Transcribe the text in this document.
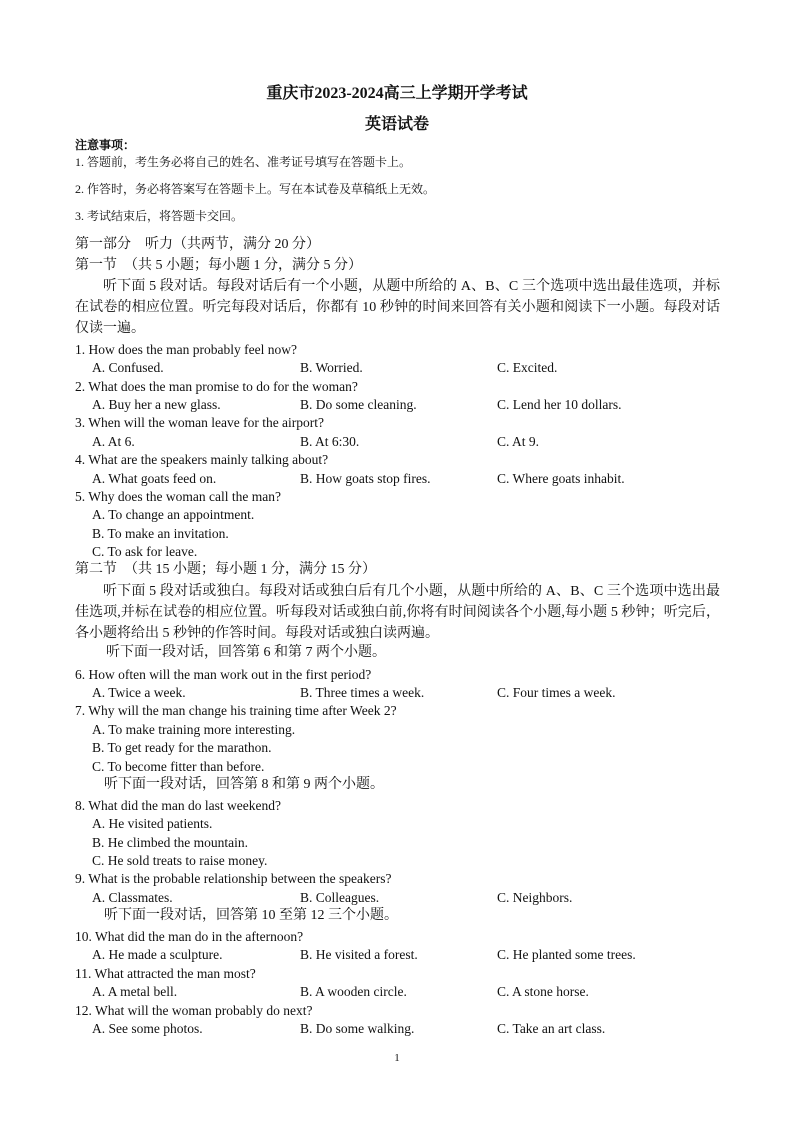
重庆市2023-2024高三上学期开学考试
英语试卷
注意事项：
1. 答题前，考生务必将自己的姓名、准考证号填写在答题卡上。
2. 作答时，务必将答案写在答题卡上。写在本试卷及草稿纸上无效。
3. 考试结束后，将答题卡交回。
第一部分　听力（共两节，满分 20 分）
第一节　（共 5 小题；每小题 1 分，满分 5 分）
听下面 5 段对话。每段对话后有一个小题，从题中所给的 A、B、C 三个选项中选出最佳选项，并标在试卷的相应位置。听完每段对话后，你都有 10 秒钟的时间来回答有关小题和阅读下一小题。每段对话仅读一遍。
1. How does the man probably feel now?
A. Confused.	B. Worried.	C. Excited.
2. What does the man promise to do for the woman?
A. Buy her a new glass.	B. Do some cleaning.	C. Lend her 10 dollars.
3. When will the woman leave for the airport?
A. At 6.	B. At 6:30.	C. At 9.
4. What are the speakers mainly talking about?
A. What goats feed on.	B. How goats stop fires.	C. Where goats inhabit.
5. Why does the woman call the man?
A. To change an appointment.
B. To make an invitation.
C. To ask for leave.
第二节　（共 15 小题；每小题 1 分，满分 15 分）
听下面 5 段对话或独白。每段对话或独白后有几个小题，从题中所给的 A、B、C 三个选项中选出最佳选项,并标在试卷的相应位置。听每段对话或独白前,你将有时间阅读各个小题,每小题 5 秒钟；听完后，各小题将给出 5 秒钟的作答时间。每段对话或独白读两遍。
听下面一段对话，回答第 6 和第 7 两个小题。
6. How often will the man work out in the first period?
A. Twice a week.	B. Three times a week.	C. Four times a week.
7. Why will the man change his training time after Week 2?
A. To make training more interesting.
B. To get ready for the marathon.
C. To become fitter than before.
听下面一段对话，回答第 8 和第 9 两个小题。
8. What did the man do last weekend?
A. He visited patients.
B. He climbed the mountain.
C. He sold treats to raise money.
9. What is the probable relationship between the speakers?
A. Classmates.	B. Colleagues.	C. Neighbors.
听下面一段对话，回答第 10 至第 12 三个小题。
10. What did the man do in the afternoon?
A. He made a sculpture.	B. He visited a forest.	C. He planted some trees.
11. What attracted the man most?
A. A metal bell.	B. A wooden circle.	C. A stone horse.
12. What will the woman probably do next?
A. See some photos.	B. Do some walking.	C. Take an art class.
1
